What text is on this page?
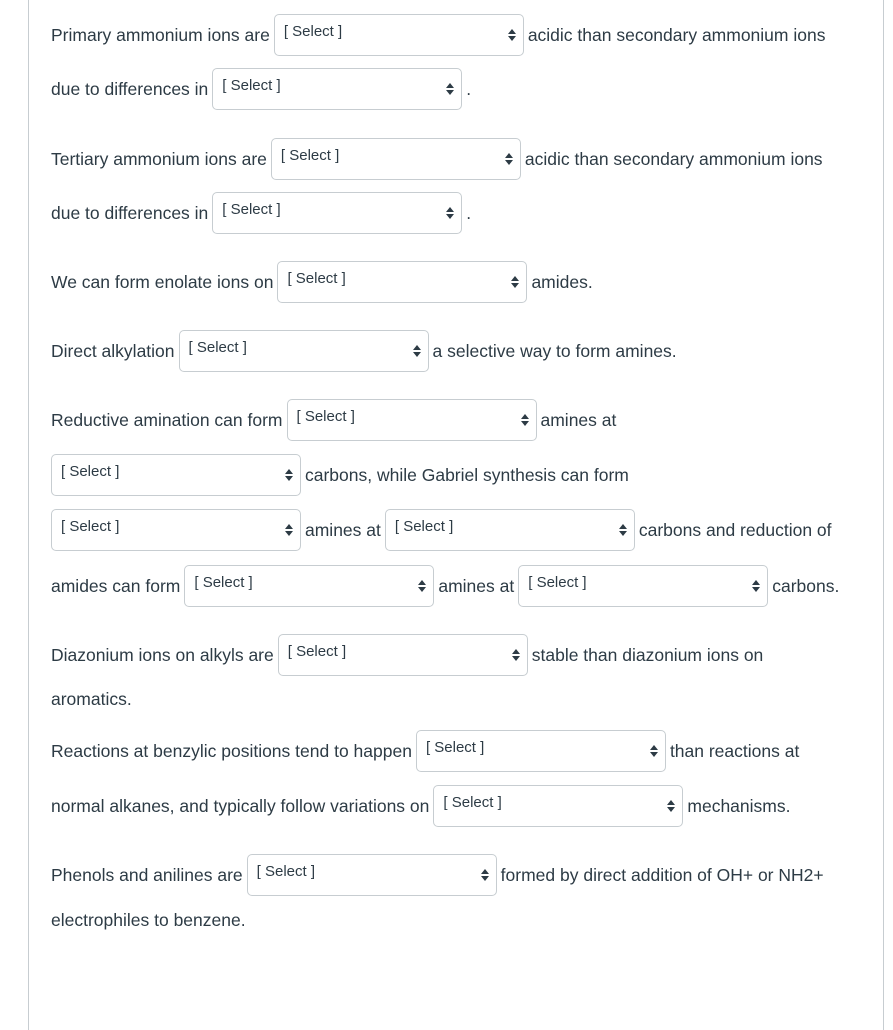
Primary ammonium ions are [ Select ]	acidic than secondary ammonium ions
due to differences in [ Select ]	.
Tertiary ammonium ions are [ Select ]	acidic than secondary ammonium ions
due to differences in [ Select ]	.
We can form enolate ions on [ Select ]	amides.
Direct alkylation [ Select ]	a selective way to form amines.
Reductive amination can form [ Select ]	amines at
[ Select ]	carbons, while Gabriel synthesis can form
[ Select ]	amines at [ Select ]	carbons and reduction of
amides can form [ Select ]	amines at [ Select ]	carbons.
Diazonium ions on alkyls are [ Select ]	stable than diazonium ions on
aromatics.
Reactions at benzylic positions tend to happen [ Select ]	than reactions at
normal alkanes, and typically follow variations on [ Select ]	mechanisms.
Phenols and anilines are [ Select ]	formed by direct addition of OH+ or NH2+
electrophiles to benzene.
